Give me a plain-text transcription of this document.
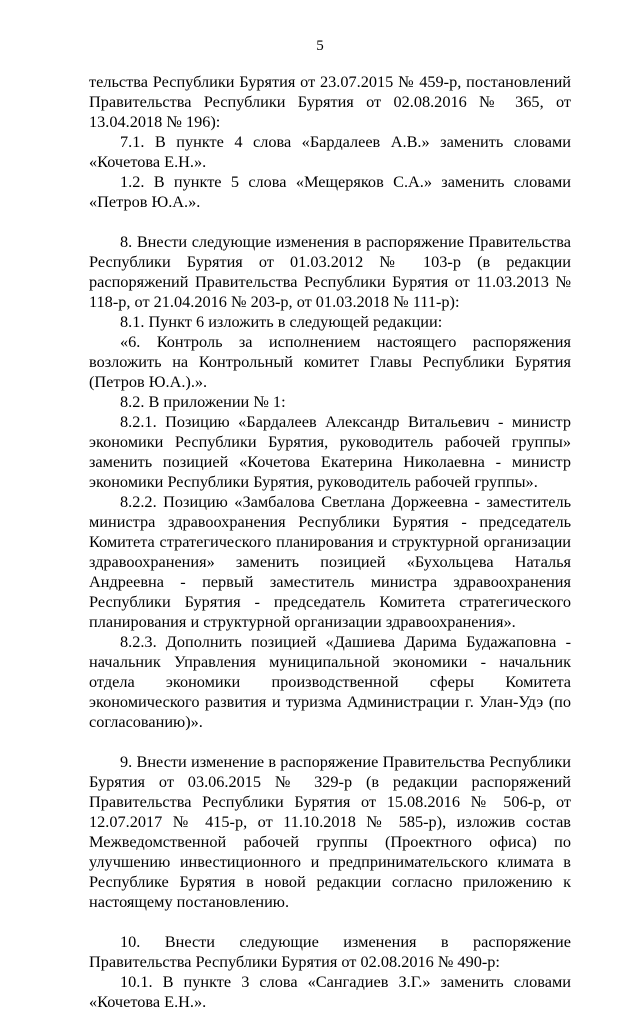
5

тельства Республики Бурятия от 23.07.2015 № 459-р, постановлений Правительства Республики Бурятия от 02.08.2016 № 365, от 13.04.2018 № 196):

7.1. В пункте 4 слова «Бардалеев А.В.» заменить словами «Кочетова Е.Н.».

1.2. В пункте 5 слова «Мещеряков С.А.» заменить словами «Петров Ю.А.».

8. Внести следующие изменения в распоряжение Правительства Республики Бурятия от 01.03.2012 № 103-р (в редакции распоряжений Правительства Республики Бурятия от 11.03.2013 № 118-р, от 21.04.2016 № 203-р, от 01.03.2018 № 111-р):

8.1. Пункт 6 изложить в следующей редакции:

«6. Контроль за исполнением настоящего распоряжения возложить на Контрольный комитет Главы Республики Бурятия (Петров Ю.А.).».

8.2. В приложении № 1:

8.2.1. Позицию «Бардалеев Александр Витальевич - министр экономики Республики Бурятия, руководитель рабочей группы» заменить позицией «Кочетова Екатерина Николаевна - министр экономики Республики Бурятия, руководитель рабочей группы».

8.2.2. Позицию «Замбалова Светлана Доржеевна - заместитель министра здравоохранения Республики Бурятия - председатель Комитета стратегического планирования и структурной организации здравоохранения» заменить позицией «Бухольцева Наталья Андреевна - первый заместитель министра здравоохранения Республики Бурятия - председатель Комитета стратегического планирования и структурной организации здравоохранения».

8.2.3. Дополнить позицией «Дашиева Дарима Будажаповна - начальник Управления муниципальной экономики - начальник отдела экономики производственной сферы Комитета экономического развития и туризма Администрации г. Улан-Удэ (по согласованию)».

9. Внести изменение в распоряжение Правительства Республики Бурятия от 03.06.2015 № 329-р (в редакции распоряжений Правительства Республики Бурятия от 15.08.2016 № 506-р, от 12.07.2017 № 415-р, от 11.10.2018 № 585-р), изложив состав Межведомственной рабочей группы (Проектного офиса) по улучшению инвестиционного и предпринимательского климата в Республике Бурятия в новой редакции согласно приложению к настоящему постановлению.

10. Внести следующие изменения в распоряжение Правительства Республики Бурятия от 02.08.2016 № 490-р:

10.1. В пункте 3 слова «Сангадиев З.Г.» заменить словами «Кочетова Е.Н.».
